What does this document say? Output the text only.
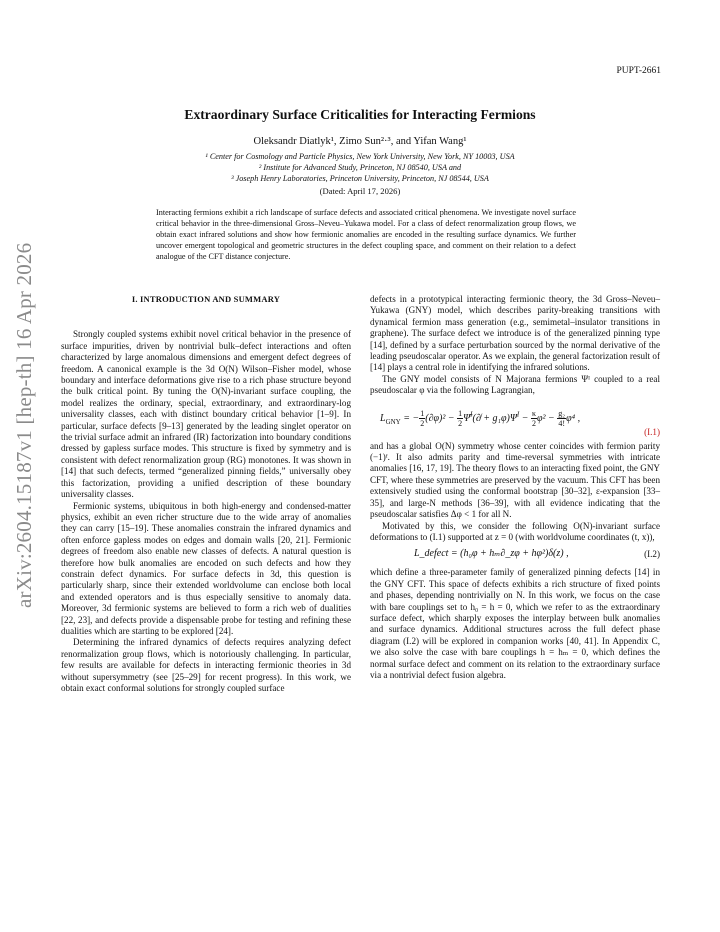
arXiv:2604.15187v1 [hep-th] 16 Apr 2026
PUPT-2661
Extraordinary Surface Criticalities for Interacting Fermions
Oleksandr Diatlyk¹, Zimo Sun²·³, and Yifan Wang¹
¹ Center for Cosmology and Particle Physics, New York University, New York, NY 10003, USA
² Institute for Advanced Study, Princeton, NJ 08540, USA and
³ Joseph Henry Laboratories, Princeton University, Princeton, NJ 08544, USA
(Dated: April 17, 2026)
Interacting fermions exhibit a rich landscape of surface defects and associated critical phenomena. We investigate novel surface critical behavior in the three-dimensional Gross–Neveu–Yukawa model. For a class of defect renormalization group flows, we obtain exact infrared solutions and show how fermionic anomalies are encoded in the resulting surface dynamics. We further uncover emergent topological and geometric structures in the defect coupling space, and comment on their relation to a defect analogue of the CFT distance conjecture.
I. INTRODUCTION AND SUMMARY

Strongly coupled systems exhibit novel critical behavior in the presence of surface impurities, driven by nontrivial bulk–defect interactions and often characterized by large anomalous dimensions and emergent defect degrees of freedom. A canonical example is the 3d O(N) Wilson–Fisher model, whose boundary and interface deformations give rise to a rich phase structure beyond the bulk critical point. By tuning the O(N)-invariant surface coupling, the model realizes the ordinary, special, extraordinary, and extraordinary-log universality classes, each with distinct boundary critical behavior [1–9]. In particular, surface defects [9–13] generated by the leading singlet operator on the trivial surface admit an infrared (IR) factorization into boundary conditions dressed by gapless surface modes. This structure is fixed by symmetry and is consistent with defect renormalization group (RG) monotones. It was shown in [14] that such defects, termed “generalized pinning fields,” universally obey this factorization, providing a unified description of these boundary universality classes.

Fermionic systems, ubiquitous in both high-energy and condensed-matter physics, exhibit an even richer structure due to the wide array of anomalies they can carry [15–19]. These anomalies constrain the infrared dynamics and often enforce gapless modes on edges and domain walls [20, 21]. Fermionic degrees of freedom also enable new classes of defects. A natural question is therefore how bulk anomalies are encoded on such defects and how they constrain defect dynamics. For surface defects in 3d, this question is particularly sharp, since their extended worldvolume can enclose both local and extended operators and is thus especially sensitive to anomaly data. Moreover, 3d fermionic systems are believed to form a rich web of dualities [22, 23], and defects provide a dispensable probe for testing and refining these dualities which are starting to be explored [24].

Determining the infrared dynamics of defects requires analyzing defect renormalization group flows, which is notoriously challenging. In particular, few results are available for defects in interacting fermionic theories in 3d without supersymmetry (see [25–29] for recent progress). In this work, we obtain exact conformal solutions for strongly coupled surface

defects in a prototypical interacting fermionic theory, the 3d Gross–Neveu–Yukawa (GNY) model, which describes parity-breaking transitions with dynamical fermion mass generation (e.g., semimetal–insulator transitions in graphene). The surface defect we introduce is of the generalized pinning type [14], defined by a surface perturbation sourced by the normal derivative of the leading pseudoscalar operator. As we explain, the general factorization result of [14] plays a central role in identifying the infrared solutions.

The GNY model consists of N Majorana fermions Ψᴵ coupled to a real pseudoscalar φ via the following Lagrangian,

$L_{GNY}$ = − $\frac{1}{2} (\partial\varphi)^2 - \frac{1}{2}$ Ψ̄$^I$(∂̸ + $g_1\varphi)\Psi^I - \frac{\kappa}{2} \varphi^2 - \frac{\text{g₂}}{4!} \varphi^4$ ,
(I.1)

and has a global O(N) symmetry whose center coincides with fermion parity (−1)ᶠ. It also admits parity and time-reversal symmetries with intricate anomalies [16, 17, 19]. The theory flows to an interacting fixed point, the GNY CFT, where these symmetries are preserved by the vacuum. This CFT has been extensively studied using the conformal bootstrap [30–32], ε-expansion [33–35], and large-N methods [36–39], with all evidence indicating that the pseudoscalar satisfies Δφ < 1 for all N.

Motivated by this, we consider the following O(N)-invariant surface deformations to (I.1) supported at z = 0 (with worldvolume coordinates (t, x)),

L_defect = (h₀φ + hₘ∂_zφ + hφ²)δ(z) ,	(I.2)

which define a three-parameter family of generalized pinning defects [14] in the GNY CFT. This space of defects exhibits a rich structure of fixed points and phases, depending nontrivially on N. In this work, we focus on the case with bare couplings set to h₀ = h = 0, which we refer to as the extraordinary surface defect, which sharply exposes the interplay between bulk anomalies and surface dynamics. Additional structures across the full defect phase diagram (I.2) will be explored in companion works [40, 41]. In Appendix C, we also solve the case with bare couplings h = hₘ = 0, which defines the normal surface defect and comment on its relation to the extraordinary surface via a nontrivial defect fusion algebra.
